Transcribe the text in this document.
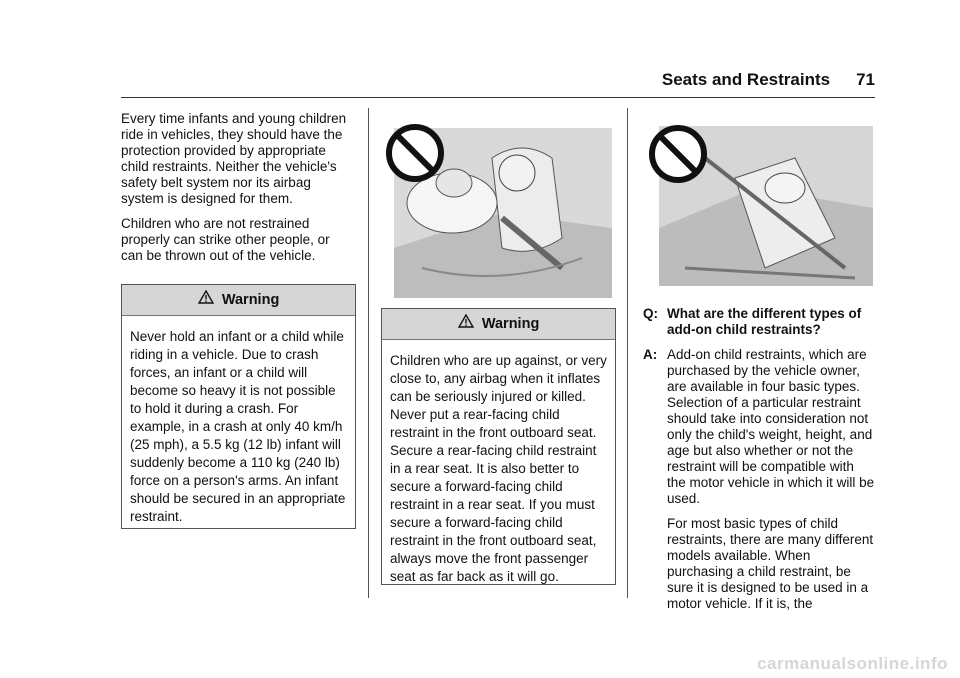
Seats and Restraints 71

Every time infants and young children ride in vehicles, they should have the protection provided by appropriate child restraints. Neither the vehicle's safety belt system nor its airbag system is designed for them.

Children who are not restrained properly can strike other people, or can be thrown out of the vehicle.

Warning
Never hold an infant or a child while riding in a vehicle. Due to crash forces, an infant or a child will become so heavy it is not possible to hold it during a crash. For example, in a crash at only 40 km/h (25 mph), a 5.5 kg (12 lb) infant will suddenly become a 110 kg (240 lb) force on a person's arms. An infant should be secured in an appropriate restraint.
Warning
Children who are up against, or very close to, any airbag when it inflates can be seriously injured or killed. Never put a rear-facing child restraint in the front outboard seat. Secure a rear-facing child restraint in a rear seat. It is also better to secure a forward-facing child restraint in a rear seat. If you must secure a forward-facing child restraint in the front outboard seat, always move the front passenger seat as far back as it will go.
Q: What are the different types of add-on child restraints?
A: Add-on child restraints, which are purchased by the vehicle owner, are available in four basic types. Selection of a particular restraint should take into consideration not only the child's weight, height, and age but also whether or not the restraint will be compatible with the motor vehicle in which it will be used.

For most basic types of child restraints, there are many different models available. When purchasing a child restraint, be sure it is designed to be used in a motor vehicle. If it is, the

carmanualsonline.info
